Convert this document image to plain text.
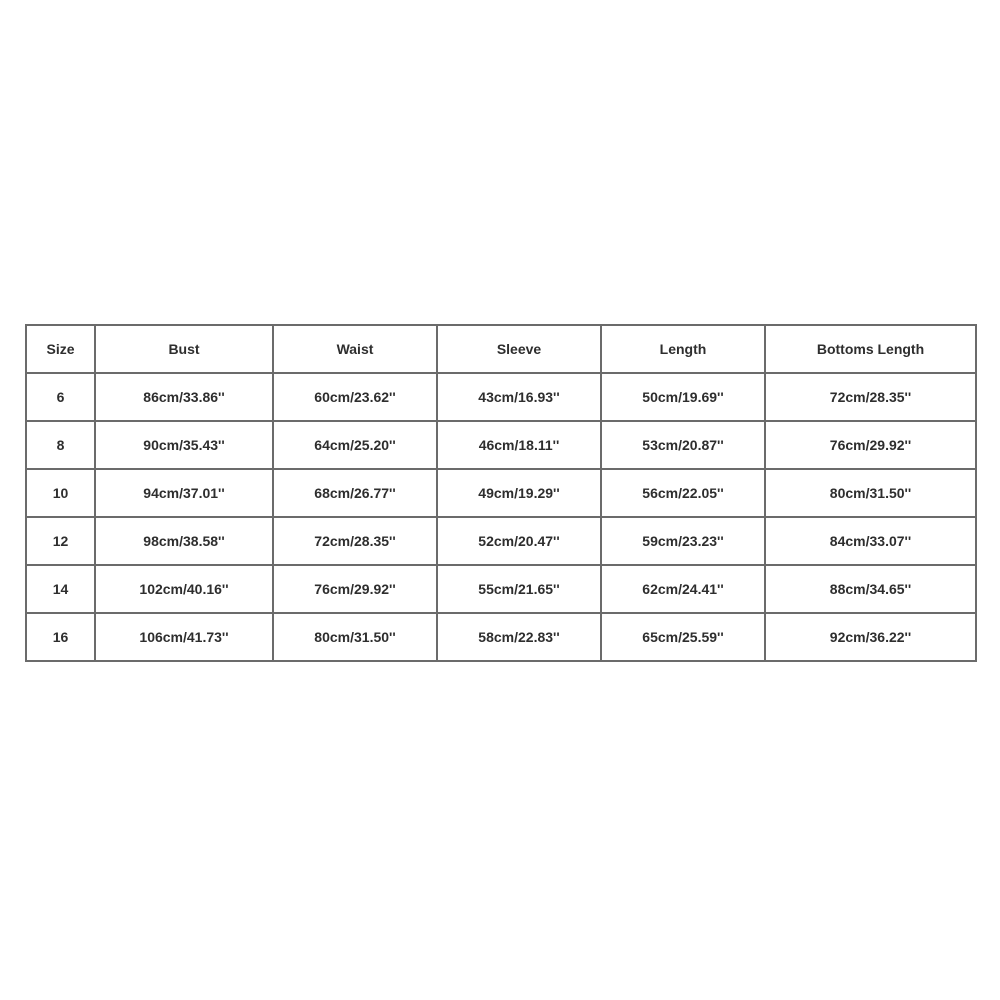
Size	Bust	Waist	Sleeve	Length	Bottoms Length
6	86cm/33.86''	60cm/23.62''	43cm/16.93''	50cm/19.69''	72cm/28.35''
8	90cm/35.43''	64cm/25.20''	46cm/18.11''	53cm/20.87''	76cm/29.92''
10	94cm/37.01''	68cm/26.77''	49cm/19.29''	56cm/22.05''	80cm/31.50''
12	98cm/38.58''	72cm/28.35''	52cm/20.47''	59cm/23.23''	84cm/33.07''
14	102cm/40.16''	76cm/29.92''	55cm/21.65''	62cm/24.41''	88cm/34.65''
16	106cm/41.73''	80cm/31.50''	58cm/22.83''	65cm/25.59''	92cm/36.22''
